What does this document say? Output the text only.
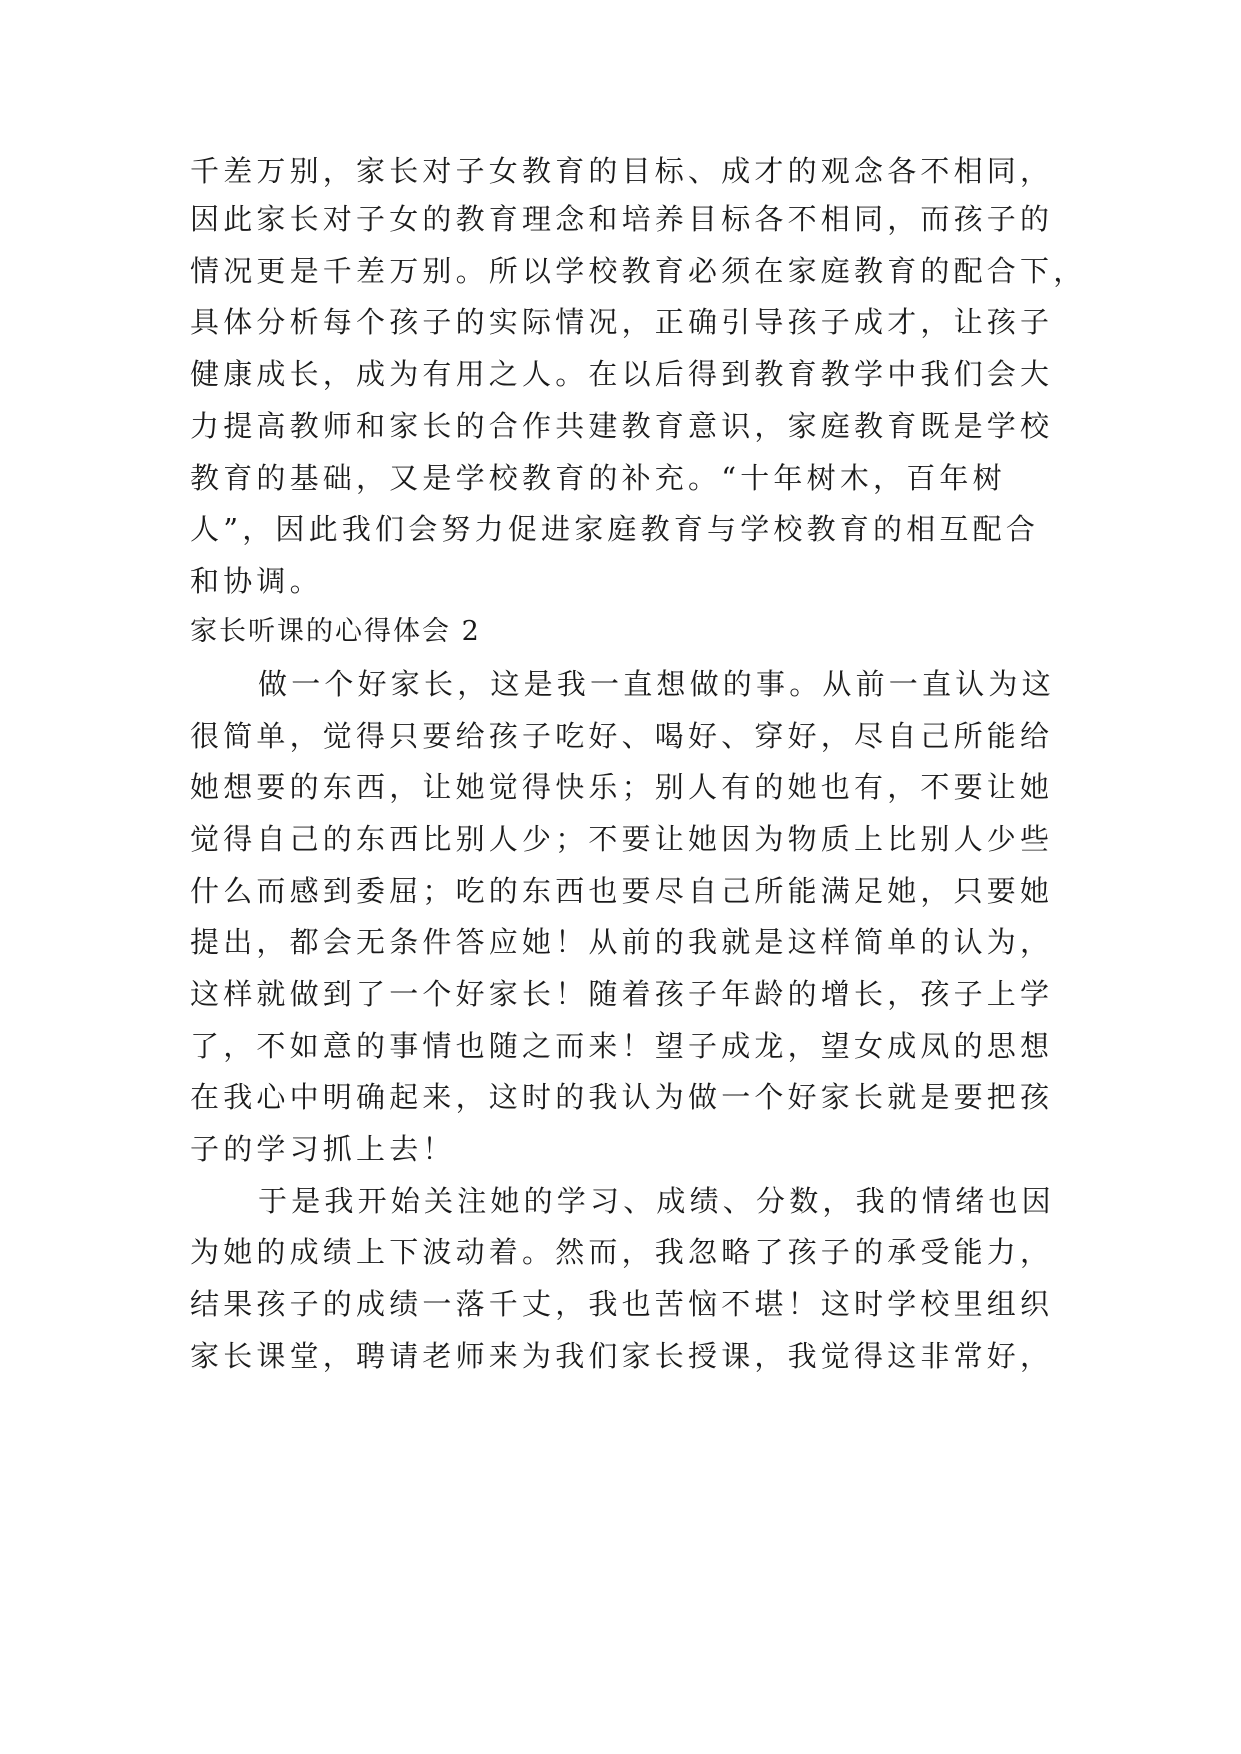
千差万别，家长对子女教育的目标、成才的观念各不相同，
因此家长对子女的教育理念和培养目标各不相同，而孩子的
情况更是千差万别。所以学校教育必须在家庭教育的配合下，
具体分析每个孩子的实际情况，正确引导孩子成才，让孩子
健康成长，成为有用之人。在以后得到教育教学中我们会大
力提高教师和家长的合作共建教育意识，家庭教育既是学校
教育的基础，又是学校教育的补充。“十年树木，百年树
人”，因此我们会努力促进家庭教育与学校教育的相互配合
和协调。
家长听课的心得体会 2
做一个好家长，这是我一直想做的事。从前一直认为这
很简单，觉得只要给孩子吃好、喝好、穿好，尽自己所能给
她想要的东西，让她觉得快乐；别人有的她也有，不要让她
觉得自己的东西比别人少；不要让她因为物质上比别人少些
什么而感到委屈；吃的东西也要尽自己所能满足她，只要她
提出，都会无条件答应她！从前的我就是这样简单的认为，
这样就做到了一个好家长！随着孩子年龄的增长，孩子上学
了，不如意的事情也随之而来！望子成龙，望女成凤的思想
在我心中明确起来，这时的我认为做一个好家长就是要把孩
子的学习抓上去！
于是我开始关注她的学习、成绩、分数，我的情绪也因
为她的成绩上下波动着。然而，我忽略了孩子的承受能力，
结果孩子的成绩一落千丈，我也苦恼不堪！这时学校里组织
家长课堂，聘请老师来为我们家长授课，我觉得这非常好，
